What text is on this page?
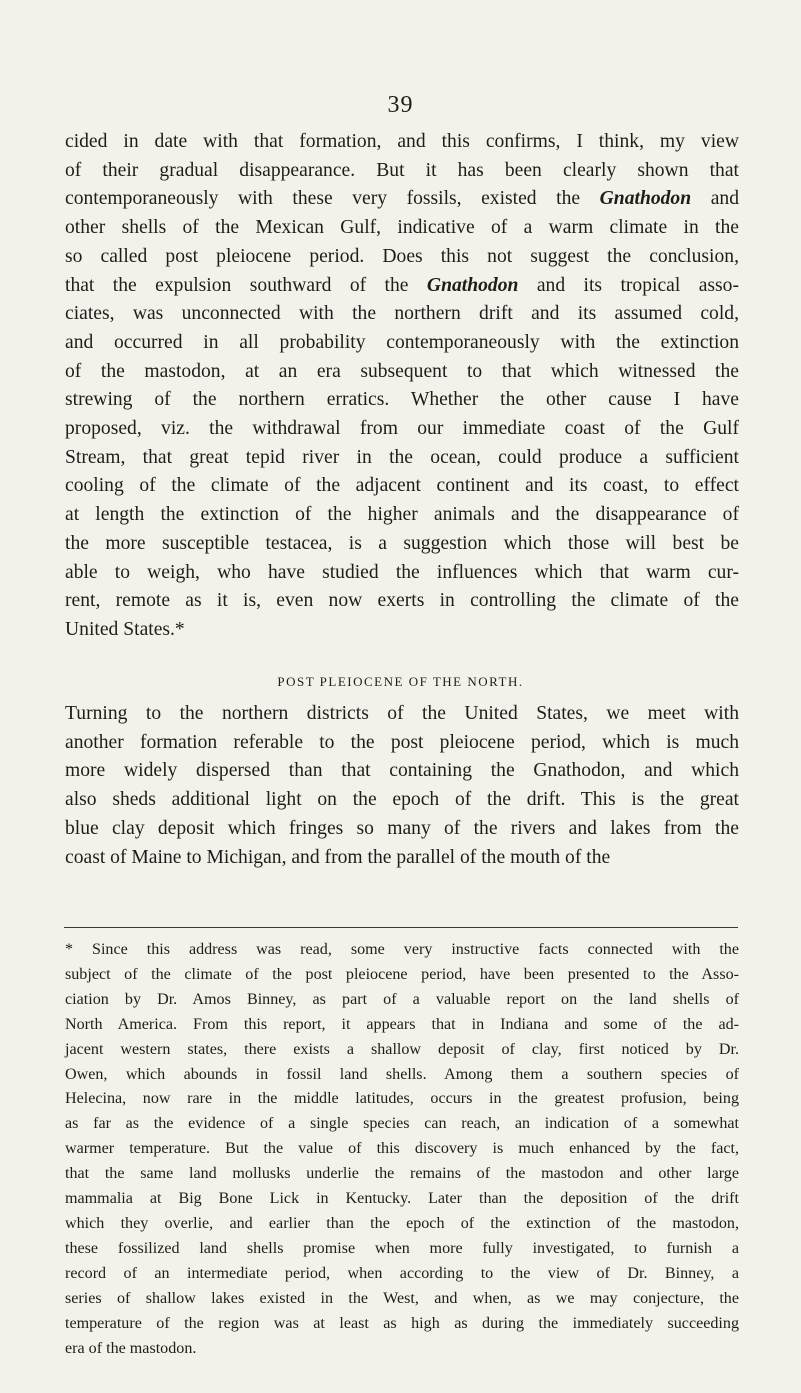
39

cided in date with that formation, and this confirms, I think, my view
of their gradual disappearance. But it has been clearly shown that
contemporaneously with these very fossils, existed the Gnathodon and
other shells of the Mexican Gulf, indicative of a warm climate in the
so called post pleiocene period. Does this not suggest the conclusion,
that the expulsion southward of the Gnathodon and its tropical asso-
ciates, was unconnected with the northern drift and its assumed cold,
and occurred in all probability contemporaneously with the extinction
of the mastodon, at an era subsequent to that which witnessed the
strewing of the northern erratics. Whether the other cause I have
proposed, viz. the withdrawal from our immediate coast of the Gulf
Stream, that great tepid river in the ocean, could produce a sufficient
cooling of the climate of the adjacent continent and its coast, to effect
at length the extinction of the higher animals and the disappearance of
the more susceptible testacea, is a suggestion which those will best be
able to weigh, who have studied the influences which that warm cur-
rent, remote as it is, even now exerts in controlling the climate of the
United States.*

POST PLEIOCENE OF THE NORTH.

Turning to the northern districts of the United States, we meet with
another formation referable to the post pleiocene period, which is much
more widely dispersed than that containing the Gnathodon, and which
also sheds additional light on the epoch of the drift. This is the great
blue clay deposit which fringes so many of the rivers and lakes from the
coast of Maine to Michigan, and from the parallel of the mouth of the

* Since this address was read, some very instructive facts connected with the
subject of the climate of the post pleiocene period, have been presented to the Asso-
ciation by Dr. Amos Binney, as part of a valuable report on the land shells of
North America. From this report, it appears that in Indiana and some of the ad-
jacent western states, there exists a shallow deposit of clay, first noticed by Dr.
Owen, which abounds in fossil land shells. Among them a southern species of
Helecina, now rare in the middle latitudes, occurs in the greatest profusion, being
as far as the evidence of a single species can reach, an indication of a somewhat
warmer temperature. But the value of this discovery is much enhanced by the fact,
that the same land mollusks underlie the remains of the mastodon and other large
mammalia at Big Bone Lick in Kentucky. Later than the deposition of the drift
which they overlie, and earlier than the epoch of the extinction of the mastodon,
these fossilized land shells promise when more fully investigated, to furnish a
record of an intermediate period, when according to the view of Dr. Binney, a
series of shallow lakes existed in the West, and when, as we may conjecture, the
temperature of the region was at least as high as during the immediately succeeding
era of the mastodon.
